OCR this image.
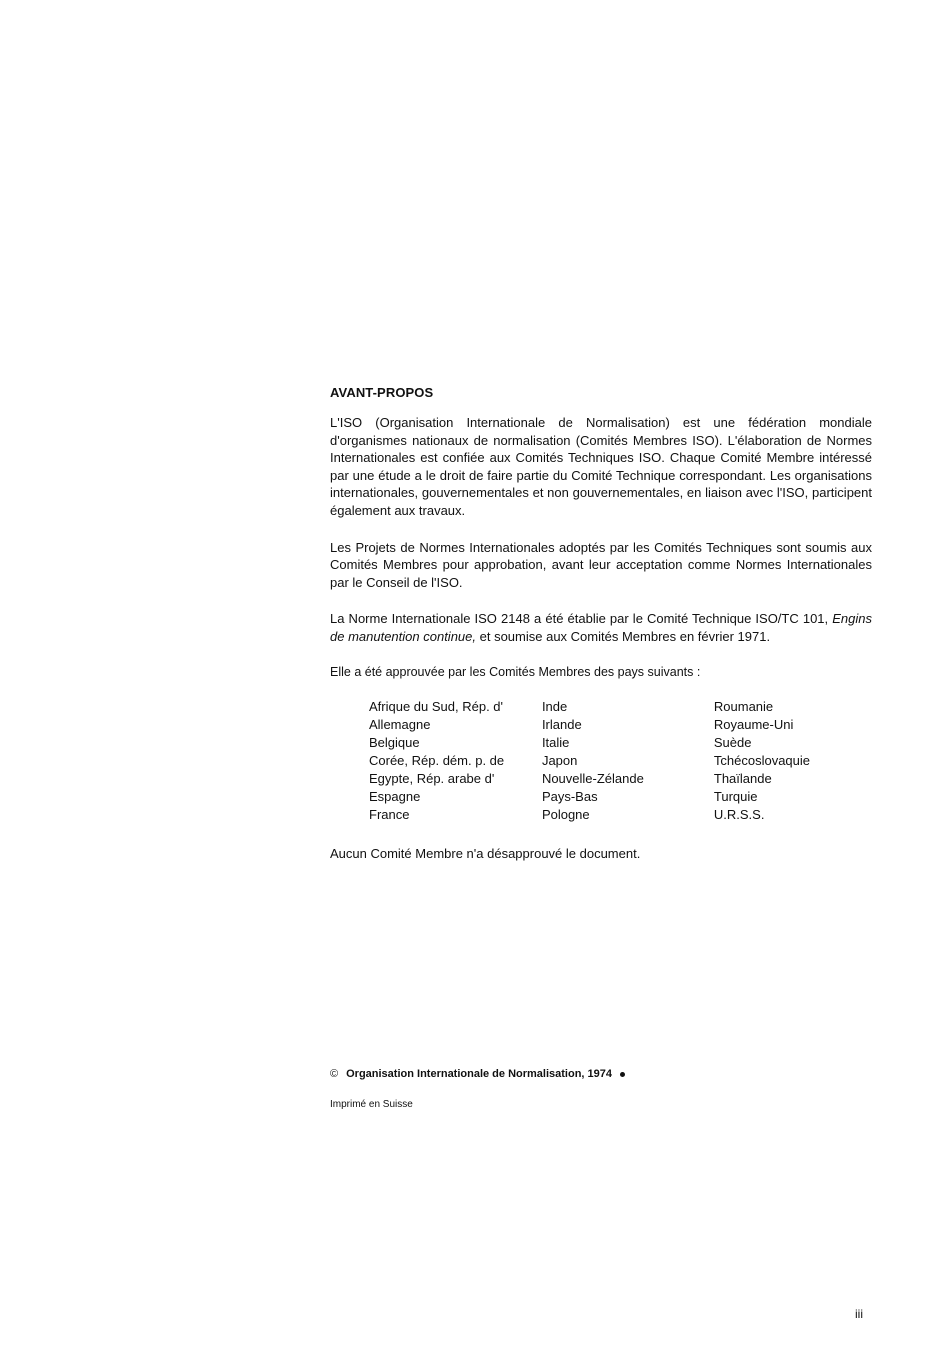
AVANT-PROPOS

L'ISO (Organisation Internationale de Normalisation) est une fédération mondiale d'organismes nationaux de normalisation (Comités Membres ISO). L'élaboration de Normes Internationales est confiée aux Comités Techniques ISO. Chaque Comité Membre intéressé par une étude a le droit de faire partie du Comité Technique correspondant. Les organisations internationales, gouvernementales et non gouvernementales, en liaison avec l'ISO, participent également aux travaux.

Les Projets de Normes Internationales adoptés par les Comités Techniques sont soumis aux Comités Membres pour approbation, avant leur acceptation comme Normes Internationales par le Conseil de l'ISO.

La Norme Internationale ISO 2148 a été établie par le Comité Technique ISO/TC 101, Engins de manutention continue, et soumise aux Comités Membres en février 1971.

Elle a été approuvée par les Comités Membres des pays suivants :

Afrique du Sud, Rép. d'
Allemagne
Belgique
Corée, Rép. dém. p. de
Egypte, Rép. arabe d'
Espagne
France
Inde
Irlande
Italie
Japon
Nouvelle-Zélande
Pays-Bas
Pologne
Roumanie
Royaume-Uni
Suède
Tchécoslovaquie
Thaïlande
Turquie
U.R.S.S.

Aucun Comité Membre n'a désapprouvé le document.

© Organisation Internationale de Normalisation, 1974
Imprimé en Suisse
iii
